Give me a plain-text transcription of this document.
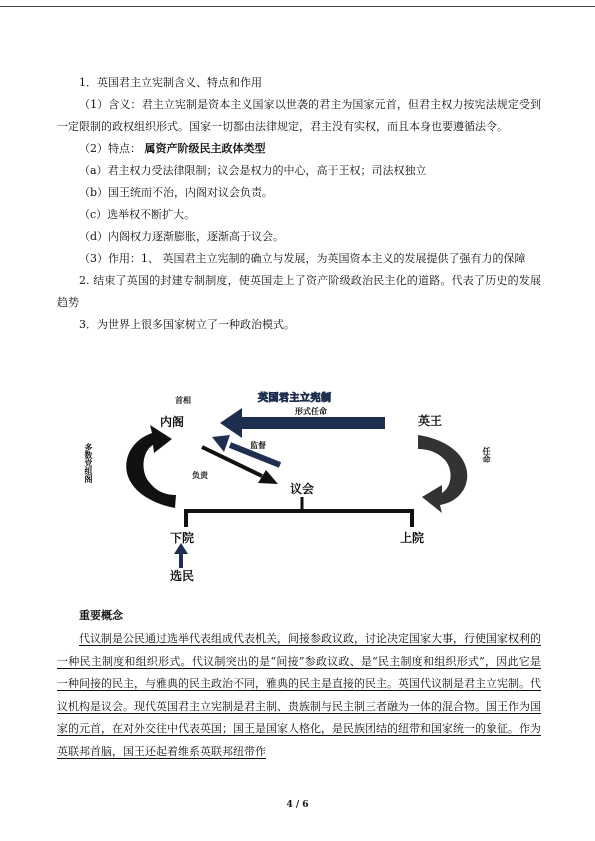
1．英国君主立宪制含义、特点和作用

（1）含义：君主立宪制是资本主义国家以世袭的君主为国家元首，但君主权力按宪法规定受到一定限制的政权组织形式。国家一切都由法律规定，君主没有实权，而且本身也要遵循法令。

（2）特点： 属资产阶级民主政体类型

（a）君主权力受法律限制；议会是权力的中心，高于王权；司法权独立

（b）国王统而不治，内阁对议会负责。

（c）选举权不断扩大。

（d）内阁权力逐渐膨胀，逐渐高于议会。

（3）作用：1、 英国君主立宪制的确立与发展，为英国资本主义的发展提供了强有力的保障

2. 结束了英国的封建专制制度，使英国走上了资产阶级政治民主化的道路。代表了历史的发展趋势

3．为世界上很多国家树立了一种政治模式。

英国君主立宪制
首相
内阁	英王
形式任命
监督
负责
议会
下院	上院
选民
任命
多数党组阁

重要概念

代议制是公民通过选举代表组成代表机关，间接参政议政，讨论决定国家大事，行使国家权利的一种民主制度和组织形式。代议制突出的是“间接”参政议政、是“民主制度和组织形式”，因此它是一种间接的民主，与雅典的民主政治不同，雅典的民主是直接的民主。英国代议制是君主立宪制。代议机构是议会。现代英国君主立宪制是君主制、贵族制与民主制三者融为一体的混合物。国王作为国家的元首，在对外交往中代表英国；国王是国家人格化，是民族团结的纽带和国家统一的象征。作为英联邦首脑，国王还起着维系英联邦纽带作

4 / 6
